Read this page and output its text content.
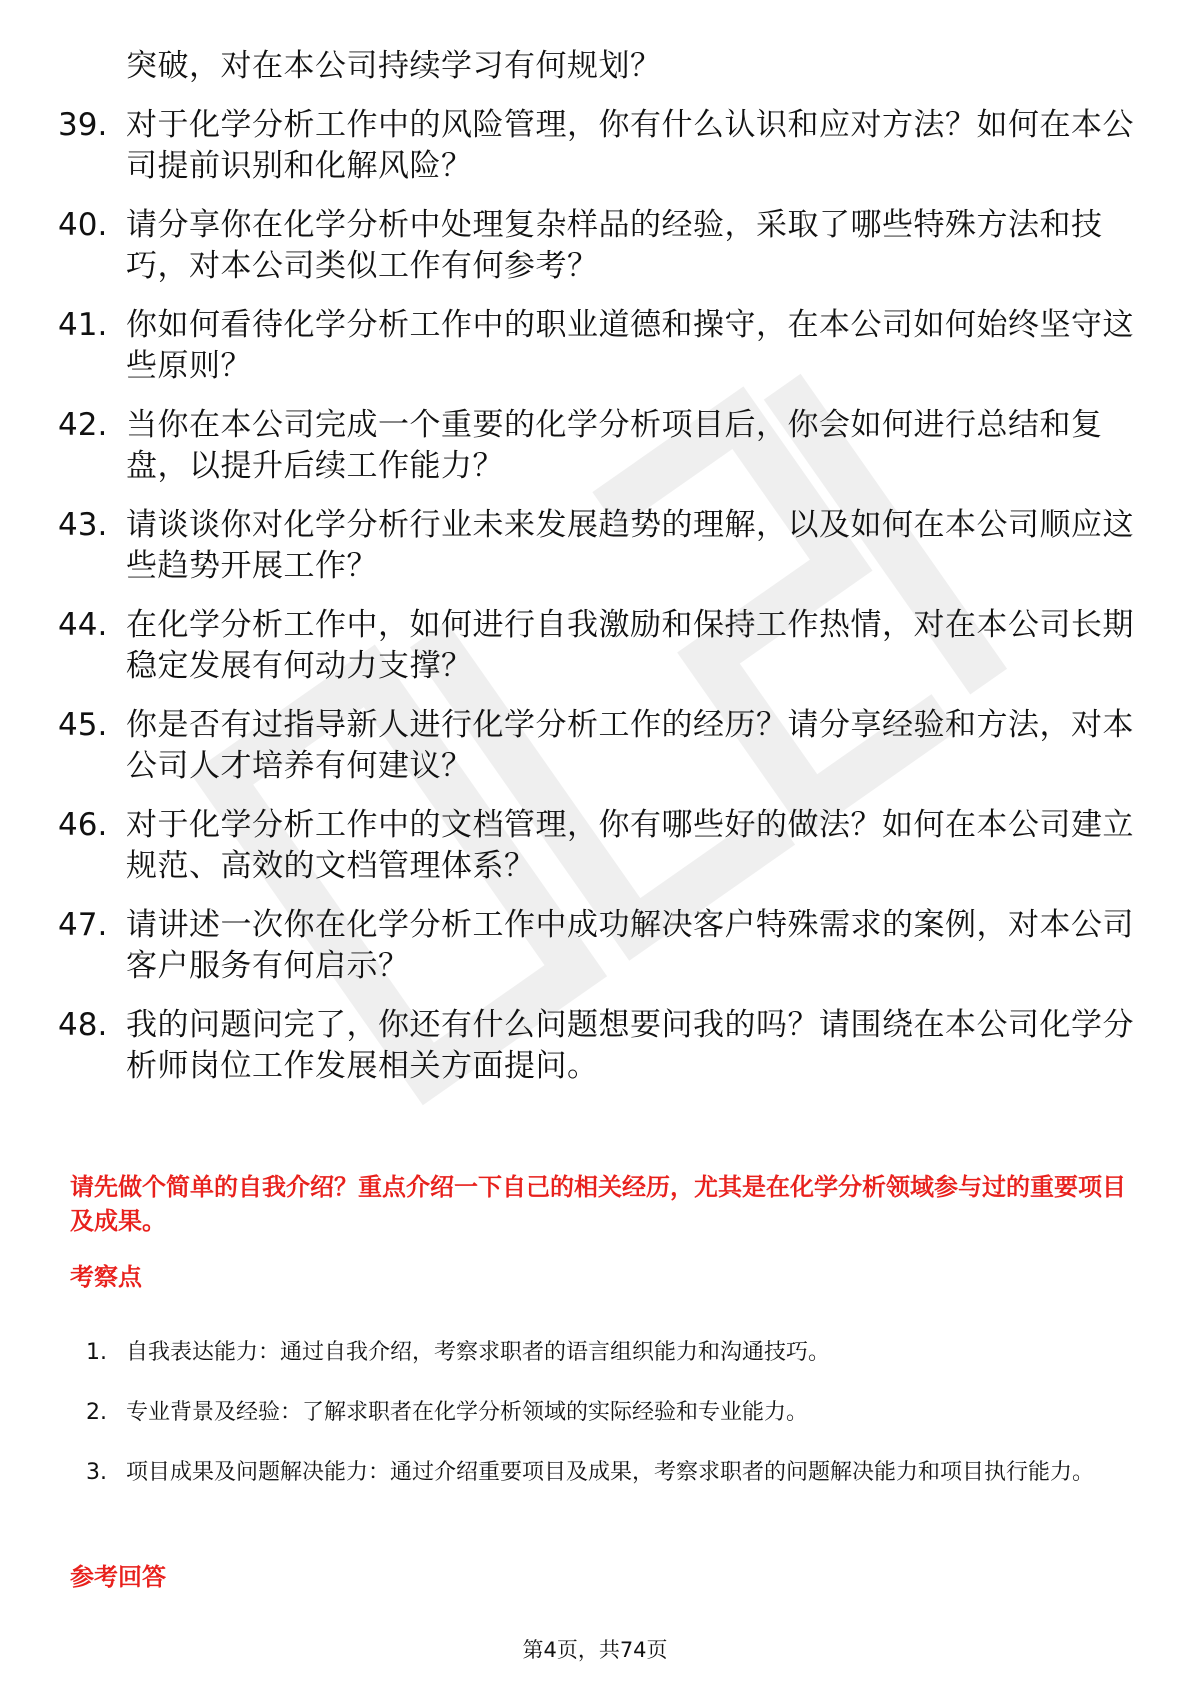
突破，对在本公司持续学习有何规划？
39. 对于化学分析工作中的风险管理，你有什么认识和应对方法？如何在本公司提前识别和化解风险？
40. 请分享你在化学分析中处理复杂样品的经验，采取了哪些特殊方法和技巧，对本公司类似工作有何参考？
41. 你如何看待化学分析工作中的职业道德和操守，在本公司如何始终坚守这些原则？
42. 当你在本公司完成一个重要的化学分析项目后，你会如何进行总结和复盘，以提升后续工作能力？
43. 请谈谈你对化学分析行业未来发展趋势的理解，以及如何在本公司顺应这些趋势开展工作？
44. 在化学分析工作中，如何进行自我激励和保持工作热情，对在本公司长期稳定发展有何动力支撑？
45. 你是否有过指导新人进行化学分析工作的经历？请分享经验和方法，对本公司人才培养有何建议？
46. 对于化学分析工作中的文档管理，你有哪些好的做法？如何在本公司建立规范、高效的文档管理体系？
47. 请讲述一次你在化学分析工作中成功解决客户特殊需求的案例，对本公司客户服务有何启示？
48. 我的问题问完了，你还有什么问题想要问我的吗？请围绕在本公司化学分析师岗位工作发展相关方面提问。
请先做个简单的自我介绍？重点介绍一下自己的相关经历，尤其是在化学分析领域参与过的重要项目及成果。
考察点
1. 自我表达能力：通过自我介绍，考察求职者的语言组织能力和沟通技巧。
2. 专业背景及经验：了解求职者在化学分析领域的实际经验和专业能力。
3. 项目成果及问题解决能力：通过介绍重要项目及成果，考察求职者的问题解决能力和项目执行能力。
参考回答
第4页，共74页
